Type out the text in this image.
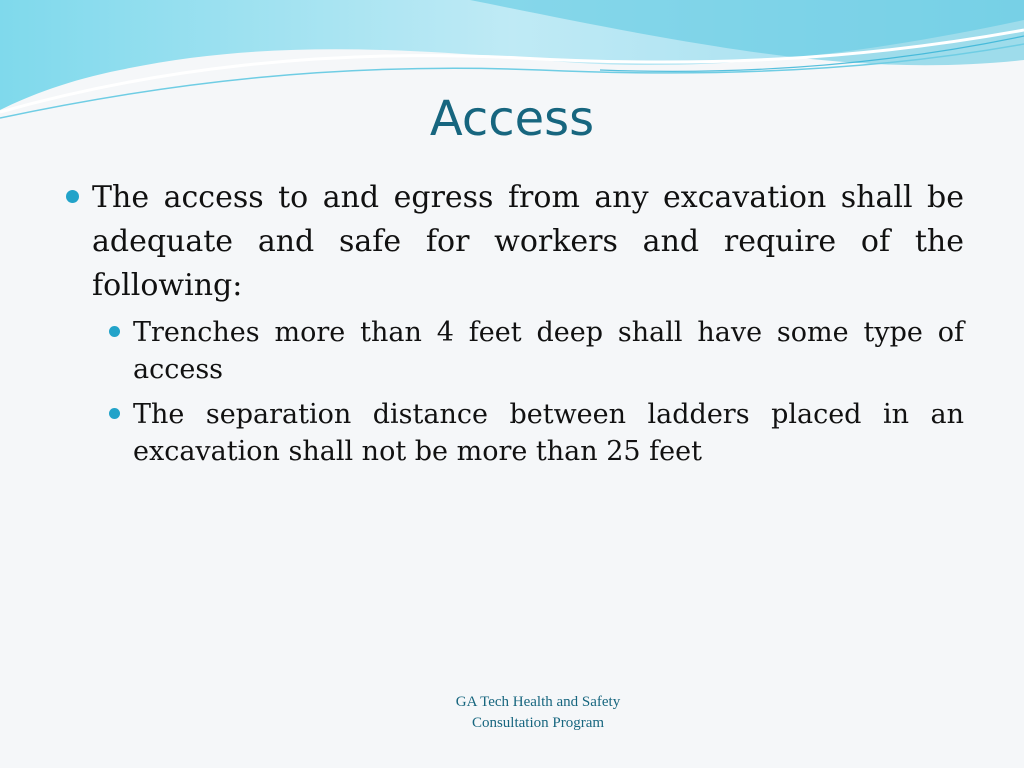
Access

The access to and egress from any excavation shall be adequate and safe for workers and require of the following:

Trenches more than 4 feet deep shall have some type of access

The separation distance between ladders placed in an excavation shall not be more than 25 feet

GA Tech Health and Safety
Consultation Program
